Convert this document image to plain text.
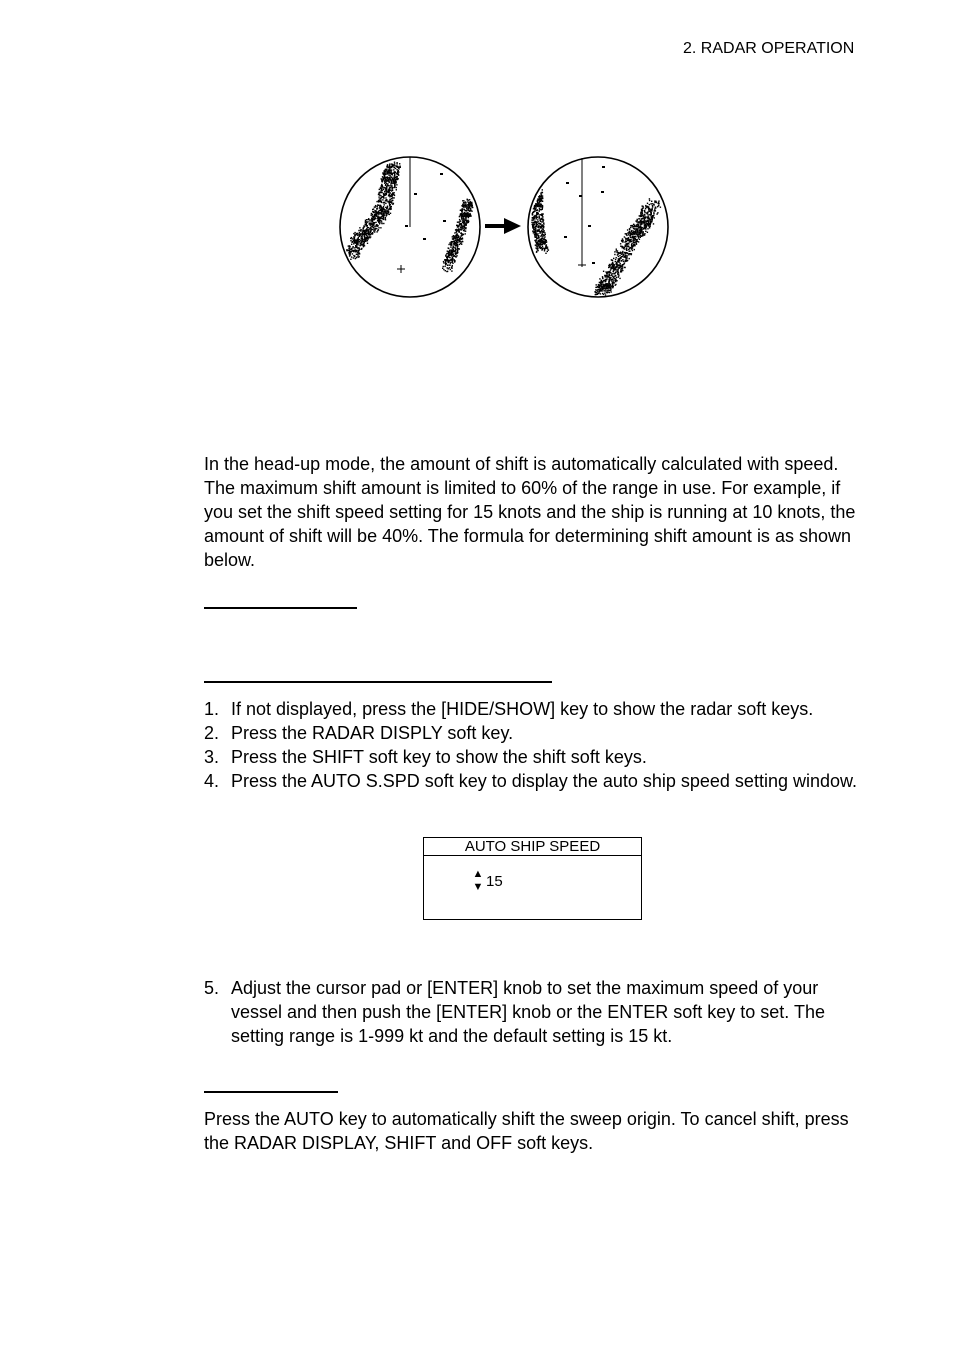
2. RADAR OPERATION
In the head-up mode, the amount of shift is automatically calculated with speed. The maximum shift amount is limited to 60% of the range in use. For example, if you set the shift speed setting for 15 knots and the ship is running at 10 knots, the amount of shift will be 40%. The formula for determining shift amount is as shown below.
1. If not displayed, press the [HIDE/SHOW] key to show the radar soft keys.
2. Press the RADAR DISPLY soft key.
3. Press the SHIFT soft key to show the shift soft keys.
4. Press the AUTO S.SPD soft key to display the auto ship speed setting window.
AUTO SHIP SPEED
▲
▼ 15
5. Adjust the cursor pad or [ENTER] knob to set the maximum speed of your vessel and then push the [ENTER] knob or the ENTER soft key to set. The setting range is 1-999 kt and the default setting is 15 kt.
Press the AUTO key to automatically shift the sweep origin. To cancel shift, press the RADAR DISPLAY, SHIFT and OFF soft keys.
